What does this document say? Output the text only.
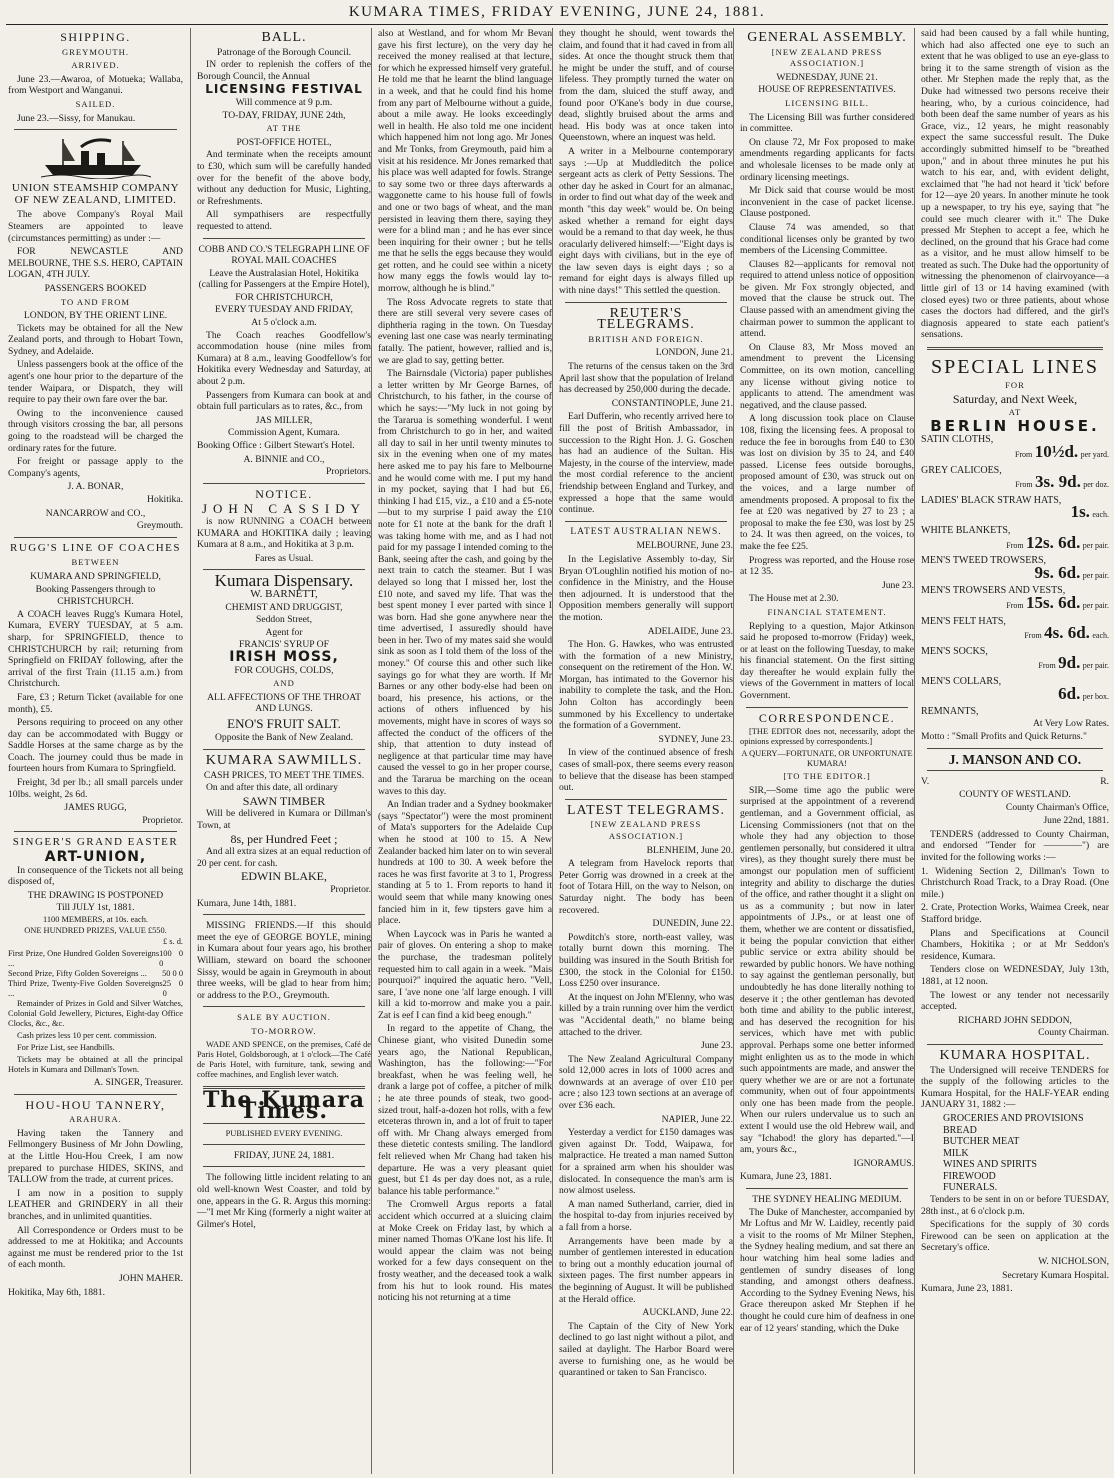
KUMARA TIMES, FRIDAY EVENING, JUNE 24, 1881.
SHIPPING.
GREYMOUTH.
ARRIVED.

June 23.—Awaroa, of Motueka; Wallaba, from Westport and Wanganui.

SAILED.

June 23.—Sissy, for Manukau.

UNION STEAMSHIP COMPANY OF NEW ZEALAND, LIMITED.

The above Company's Royal Mail Steamers are appointed to leave (circumstances permitting) as under :—

FOR NEWCASTLE AND MELBOURNE, THE S.S. HERO, CAPTAIN LOGAN, 4TH JULY.

PASSENGERS BOOKED
TO AND FROM
LONDON, BY THE ORIENT LINE.

Tickets may be obtained for all the New Zealand ports, and through to Hobart Town, Sydney, and Adelaide.

Unless passengers book at the office of the agent's one hour prior to the departure of the tender Waipara, or Dispatch, they will require to pay their own fare over the bar.

Owing to the inconvenience caused through visitors crossing the bar, all persons going to the roadstead will be charged the ordinary rates for the future.

For freight or passage apply to the Company's agents,

J. A. BONAR,
Hokitika.
NANCARROW and CO.,
Greymouth.
RUGG'S LINE OF COACHES
BETWEEN
KUMARA AND SPRINGFIELD,
Booking Passengers through to
CHRISTCHURCH.

A COACH leaves Rugg's Kumara Hotel, Kumara, EVERY TUESDAY, at 5 a.m. sharp, for SPRINGFIELD, thence to CHRISTCHURCH by rail; returning from Springfield on FRIDAY following, after the arrival of the first Train (11.15 a.m.) from Christchurch.

Fare, £3 ; Return Ticket (available for one month), £5.

Persons requiring to proceed on any other day can be accommodated with Buggy or Saddle Horses at the same charge as by the Coach. The journey could thus be made in fourteen hours from Kumara to Springfield.

Freight, 3d per lb.; all small parcels under 10lbs. weight, 2s 6d.

JAMES RUGG,
Proprietor.
SINGER'S GRAND EASTER
ART-UNION,

In consequence of the Tickets not all being disposed of,

THE DRAWING IS POSTPONED
Till JULY 1st, 1881.
1100 MEMBERS, at 10s. each.
ONE HUNDRED PRIZES, VALUE £550.
£ s. d.
First Prize, One Hundred Golden Sovereigns ...
100 0 0
Second Prize, Fifty Golden Sovereigns ... 50 0 0
Third Prize, Twenty-Five Golden Sovereigns ...
25 0 0

Remainder of Prizes in Gold and Silver Watches, Colonial Gold Jewellery, Pictures, Eight-day Office Clocks, &c., &c.

Cash prizes less 10 per cent. commission.

For Prize List, see Handbills.

Tickets may be obtained at all the principal Hotels in Kumara and Dillman's Town.

A. SINGER, Treasurer.
HOU-HOU TANNERY,
ARAHURA.

Having taken the Tannery and Fellmongery Business of Mr John Dowling, at the Little Hou-Hou Creek, I am now prepared to purchase HIDES, SKINS, and TALLOW from the trade, at current prices.

I am now in a position to supply LEATHER and GRINDERY in all their branches, and in unlimited quantities.

All Correspondence or Orders must to be addressed to me at Hokitika; and Accounts against me must be rendered prior to the 1st of each month.

JOHN MAHER.

Hokitika, May 6th, 1881.

BALL.
Patronage of the Borough Council.

IN order to replenish the coffers of the Borough Council, the Annual

LICENSING FESTIVAL
Will commence at 9 p.m.
TO-DAY, FRIDAY, JUNE 24th,
AT THE
POST-OFFICE HOTEL,

And terminate when the receipts amount to £30, which sum will be carefully handed over for the benefit of the above body, without any deduction for Music, Lighting, or Refreshments.

All sympathisers are respectfully requested to attend.

COBB AND CO.'S TELEGRAPH LINE OF ROYAL MAIL COACHES
Leave the Australasian Hotel, Hokitika (calling for Passengers at the Empire Hotel),
FOR CHRISTCHURCH,
EVERY TUESDAY AND FRIDAY,
At 5 o'clock a.m.

The Coach reaches Goodfellow's accommodation house (nine miles from Kumara) at 8 a.m., leaving Goodfellow's for Hokitika every Wednesday and Saturday, at about 2 p.m.

Passengers from Kumara can book at and obtain full particulars as to rates, &c., from

JAS MILLER,
Commission Agent, Kumara.

Booking Office : Gilbert Stewart's Hotel.

A. BINNIE and CO.,
Proprietors.
NOTICE.
JOHN CASSIDY

is now RUNNING a COACH between KUMARA and HOKITIKA daily ; leaving Kumara at 8 a.m., and Hokitika at 3 p.m.

Fares as Usual.
Kumara Dispensary.
W. BARNETT,
CHEMIST AND DRUGGIST,
Seddon Street,
Agent for
FRANCIS' SYRUP OF
IRISH MOSS,
FOR COUGHS, COLDS,
AND
ALL AFFECTIONS OF THE THROAT AND LUNGS.
ENO'S FRUIT SALT.
Opposite the Bank of New Zealand.
KUMARA SAWMILLS.
CASH PRICES, TO MEET THE TIMES.

On and after this date, all ordinary

SAWN TIMBER

Will be delivered in Kumara or Dillman's Town, at

8s, per Hundred Feet ;

And all extra sizes at an equal reduction of 20 per cent. for cash.

EDWIN BLAKE,
Proprietor.

Kumara, June 14th, 1881.

MISSING FRIENDS.—If this should meet the eye of GEORGE BOYLE, mining in Kumara about four years ago, his brother William, steward on board the schooner Sissy, would be again in Greymouth in about three weeks, will be glad to hear from him; or address to the P.O., Greymouth.

SALE BY AUCTION.
TO-MORROW.

WADE AND SPENCE, on the premises, Café de Paris Hotel, Goldsborough, at 1 o'clock—The Café de Paris Hotel, with furniture, tank, sewing and coffee machines, and English lever watch.

The Kumara Times.
PUBLISHED EVERY EVENING.
FRIDAY, JUNE 24, 1881.

The following little incident relating to an old well-known West Coaster, and told by one, appears in the G. R. Argus this morning:—"I met Mr King (formerly a night waiter at Gilmer's Hotel,

also at Westland, and for whom Mr Bevan gave his first lecture), on the very day he received the money realised at that lecture, for which he expressed himself very grateful. He told me that he learnt the blind language in a week, and that he could find his home from any part of Melbourne without a guide, about a mile away. He looks exceedingly well in health. He also told me one incident which happened him not long ago. Mr Jones and Mr Tonks, from Greymouth, paid him a visit at his residence. Mr Jones remarked that his place was well adapted for fowls. Strange to say some two or three days afterwards a waggonette came to his house full of fowls and one or two bags of wheat, and the man persisted in leaving them there, saying they were for a blind man ; and he has ever since been inquiring for their owner ; but he tells me that he sells the eggs because they would get rotten, and he could see within a nicety how many eggs the fowls would lay to-morrow, although he is blind."

The Ross Advocate regrets to state that there are still several very severe cases of diphtheria raging in the town. On Tuesday evening last one case was nearly terminating fatally. The patient, however, rallied and is, we are glad to say, getting better.

The Bairnsdale (Victoria) paper publishes a letter written by Mr George Barnes, of Christchurch, to his father, in the course of which he says:—"My luck in not going by the Tararua is something wonderful. I went from Christchurch to go in her, and waited all day to sail in her until twenty minutes to six in the evening when one of my mates here asked me to pay his fare to Melbourne and he would come with me. I put my hand in my pocket, saying that I had but £6, thinking I had £15, viz., a £10 and a £5-note—but to my surprise I paid away the £10 note for £1 note at the bank for the draft I was taking home with me, and as I had not paid for my passage I intended coming to the Bank, seeing after the cash, and going by the next train to catch the steamer. But I was delayed so long that I missed her, lost the £10 note, and saved my life. That was the best spent money I ever parted with since I was born. Had she gone anywhere near the time advertised, I assuredly should have been in her. Two of my mates said she would sink as soon as I told them of the loss of the money." Of course this and other such like sayings go for what they are worth. If Mr Barnes or any other body-else had been on board, his presence, his actions, or the actions of others influenced by his movements, might have in scores of ways so affected the conduct of the officers of the ship, that attention to duty instead of negligence at that particular time may have caused the vessel to go in her proper course, and the Tararua be marching on the ocean waves to this day.

An Indian trader and a Sydney bookmaker (says "Spectator") were the most prominent of Mata's supporters for the Adelaide Cup when he stood at 100 to 15. A New Zealander backed him later on to win several hundreds at 100 to 30. A week before the races he was first favorite at 3 to 1, Progress standing at 5 to 1. From reports to hand it would seem that while many knowing ones fancied him in it, few tipsters gave him a place.

When Laycock was in Paris he wanted a pair of gloves. On entering a shop to make the purchase, the tradesman politely requested him to call again in a week. "Mais pourquoi?" inquired the aquatic hero. "Vell, sare, I 'ave none one 'alf large enough. I vill kill a kid to-morrow and make you a pair. Zat is eef I can find a kid beeg enough."

In regard to the appetite of Chang, the Chinese giant, who visited Dunedin some years ago, the National Republican, Washington, has the following:—"For breakfast, when he was feeling well, he drank a large pot of coffee, a pitcher of milk ; he ate three pounds of steak, two good-sized trout, half-a-dozen hot rolls, with a few etceteras thrown in, and a lot of fruit to taper off with. Mr Chang always emerged from these dietetic contests smiling. The landlord felt relieved when Mr Chang had taken his departure. He was a very pleasant quiet guest, but £1 4s per day does not, as a rule, balance his table performance."

The Cromwell Argus reports a fatal accident which occurred at a sluicing claim at Moke Creek on Friday last, by which a miner named Thomas O'Kane lost his life. It would appear the claim was not being worked for a few days consequent on the frosty weather, and the deceased took a walk from his hut to look round. His mates noticing his not returning at a time

they thought he should, went towards the claim, and found that it had caved in from all sides. At once the thought struck them that he might be under the stuff, and of course lifeless. They promptly turned the water on from the dam, sluiced the stuff away, and found poor O'Kane's body in due course, dead, slightly bruised about the arms and head. His body was at once taken into Queenstown, where an inquest was held.

A writer in a Melbourne contemporary says :—Up at Muddleditch the police sergeant acts as clerk of Petty Sessions. The other day he asked in Court for an almanac, in order to find out what day of the week and month "this day week" would be. On being asked whether a remand for eight days would be a remand to that day week, he thus oracularly delivered himself:—"Eight days is eight days with civilians, but in the eye of the law seven days is eight days ; so a remand for eight days is always filled up with nine days!" This settled the question.

REUTER'S TELEGRAMS.
BRITISH AND FOREIGN.
LONDON, June 21.

The returns of the census taken on the 3rd April last show that the population of Ireland has decreased by 250,000 during the decade.

CONSTANTINOPLE, June 21.

Earl Dufferin, who recently arrived here to fill the post of British Ambassador, in succession to the Right Hon. J. G. Goschen has had an audience of the Sultan. His Majesty, in the course of the interview, made the most cordial reference to the ancient friendship between England and Turkey, and expressed a hope that the same would continue.

LATEST AUSTRALIAN NEWS.
MELBOURNE, June 23.

In the Legislative Assembly to-day, Sir Bryan O'Loughlin notified his motion of no-confidence in the Ministry, and the House then adjourned. It is understood that the Opposition members generally will support the motion.

ADELAIDE, June 23.

The Hon. G. Hawkes, who was entrusted with the formation of a new Ministry, consequent on the retirement of the Hon. W. Morgan, has intimated to the Governor his inability to complete the task, and the Hon. John Colton has accordingly been summoned by his Excellency to undertake the formation of a Government.

SYDNEY, June 23.

In view of the continued absence of fresh cases of small-pox, there seems every reason to believe that the disease has been stamped out.

LATEST TELEGRAMS.
[NEW ZEALAND PRESS ASSOCIATION.]
BLENHEIM, June 20.

A telegram from Havelock reports that Peter Gorrig was drowned in a creek at the foot of Totara Hill, on the way to Nelson, on Saturday night. The body has been recovered.

DUNEDIN, June 22.

Powditch's store, north-east valley, was totally burnt down this morning. The building was insured in the South British for £300, the stock in the Colonial for £150. Loss £250 over insurance.

At the inquest on John M'Elenny, who was killed by a train running over him the verdict was "Accidental death," no blame being attached to the driver.

June 23.

The New Zealand Agricultural Company sold 12,000 acres in lots of 1000 acres and downwards at an average of over £10 per acre ; also 123 town sections at an average of over £36 each.

NAPIER, June 22.

Yesterday a verdict for £150 damages was given against Dr. Todd, Waipawa, for malpractice. He treated a man named Sutton for a sprained arm when his shoulder was dislocated. In consequence the man's arm is now almost useless.

A man named Sutherland, carrier, died in the hospital to-day from injuries received by a fall from a horse.

Arrangements have been made by a number of gentlemen interested in education to bring out a monthly education journal of sixteen pages. The first number appears in the beginning of August. It will be published at the Herald office.

AUCKLAND, June 22.

The Captain of the City of New York declined to go last night without a pilot, and sailed at daylight. The Harbor Board were averse to furnishing one, as he would be quarantined or taken to San Francisco.

GENERAL ASSEMBLY.
[NEW ZEALAND PRESS ASSOCIATION.]
WEDNESDAY, JUNE 21.
HOUSE OF REPRESENTATIVES.
LICENSING BILL.

The Licensing Bill was further considered in committee.

On clause 72, Mr Fox proposed to make amendments regarding applicants for facts and wholesale licenses to be made only at ordinary licensing meetings.

Mr Dick said that course would be most inconvenient in the case of packet license. Clause postponed.

Clause 74 was amended, so that conditional licenses only be granted by two members of the Licensing Committee.

Clauses 82—applicants for removal not required to attend unless notice of opposition be given. Mr Fox strongly objected, and moved that the clause be struck out. The Clause passed with an amendment giving the chairman power to summon the applicant to attend.

On Clause 83, Mr Moss moved an amendment to prevent the Licensing Committee, on its own motion, cancelling any license without giving notice to applicants to attend. The amendment was negatived, and the clause passed.

A long discussion took place on Clause 108, fixing the licensing fees. A proposal to reduce the fee in boroughs from £40 to £30 was lost on division by 35 to 24, and £40 passed. License fees outside boroughs, proposed amount of £30, was struck out on the voices, and a large number of amendments proposed. A proposal to fix the fee at £20 was negatived by 27 to 23 ; a proposal to make the fee £30, was lost by 25 to 24. It was then agreed, on the voices, to make the fee £25.

Progress was reported, and the House rose at 12 35.

June 23.

The House met at 2.30.

FINANCIAL STATEMENT.

Replying to a question, Major Atkinson said he proposed to-morrow (Friday) week, or at least on the following Tuesday, to make his financial statement. On the first sitting day thereafter he would explain fully the views of the Government in matters of local Government.

CORRESPONDENCE.

[THE EDITOR does not, necessarily, adopt the opinions expressed by correspondents.]

A QUERY—FORTUNATE, OR UNFORTUNATE KUMARA!
[TO THE EDITOR.]

SIR,—Some time ago the public were surprised at the appointment of a reverend gentleman, and a Government official, as Licensing Commissioners (not that on the whole they had any objection to those gentlemen personally, but considered it ultra vires), as they thought surely there must be amongst our population men of sufficient integrity and ability to discharge the duties of the office, and rather thought it a slight on us as a community ; but now in later appointments of J.Ps., or at least one of them, whether we are content or dissatisfied, it being the popular conviction that either public service or extra ability should be rewarded by public honors. We have nothing to say against the gentleman personally, but undoubtedly he has done literally nothing to deserve it ; the other gentleman has devoted both time and ability to the public interest, and has deserved the recognition for his services, which have met with public approval. Perhaps some one better informed might enlighten us as to the mode in which such appointments are made, and answer the query whether we are or are not a fortunate community, when out of four appointments only one has been made from the people. When our rulers undervalue us to such an extent I would use the old Hebrew wail, and say "Ichabod! the glory has departed."—I am, yours &c.,

IGNORAMUS.

Kumara, June 23, 1881.

THE SYDNEY HEALING MEDIUM.

The Duke of Manchester, accompanied by Mr Loftus and Mr W. Laidley, recently paid a visit to the rooms of Mr Milner Stephen, the Sydney healing medium, and sat there an hour watching him heal some ladies and gentlemen of sundry diseases of long standing, and amongst others deafness. According to the Sydney Evening News, his Grace thereupon asked Mr Stephen if he thought he could cure him of deafness in one ear of 12 years' standing, which the Duke

said had been caused by a fall while hunting, which had also affected one eye to such an extent that he was obliged to use an eye-glass to bring it to the same strength of vision as the other. Mr Stephen made the reply that, as the Duke had witnessed two persons receive their hearing, who, by a curious coincidence, had both been deaf the same number of years as his Grace, viz., 12 years, he might reasonably expect the same successful result. The Duke accordingly submitted himself to be "breathed upon," and in about three minutes he put his watch to his ear, and, with evident delight, exclaimed that "he had not heard it 'tick' before for 12—aye 20 years. In another minute he took up a newspaper, to try his eye, saying that "he could see much clearer with it." The Duke pressed Mr Stephen to accept a fee, which he declined, on the ground that his Grace had come as a visitor, and he must allow himself to be treated as such. The Duke had the opportunity of witnessing the phenomenon of clairvoyance—a little girl of 13 or 14 having examined (with closed eyes) two or three patients, about whose cases the doctors had differed, and the girl's diagnosis appeared to state each patient's sensations.

SPECIAL LINES
FOR
Saturday, and Next Week,
AT
BERLIN HOUSE.
SATIN CLOTHS,
From 10½d. per yard.
GREY CALICOES,
From 3s. 9d. per doz.
LADIES' BLACK STRAW HATS,
1s. each.
WHITE BLANKETS,
From 12s. 6d. per pair.
MEN'S TWEED TROWSERS,
9s. 6d. per pair.
MEN'S TROWSERS AND VESTS,
From 15s. 6d. per pair.
MEN'S FELT HATS,
From 4s. 6d. each.
MEN'S SOCKS,
From 9d. per pair.
MEN'S COLLARS,
6d. per box.
REMNANTS,
At Very Low Rates.

Motto : "Small Profits and Quick Returns."

J. MANSON AND CO.
V.	R.
COUNTY OF WESTLAND.
County Chairman's Office,
June 22nd, 1881.

TENDERS (addressed to County Chairman, and endorsed "Tender for ————") are invited for the following works :—

1. Widening Section 2, Dillman's Town to Christchurch Road Track, to a Dray Road. (One mile.)

2. Crate, Protection Works, Waimea Creek, near Stafford bridge.

Plans and Specifications at Council Chambers, Hokitika ; or at Mr Seddon's residence, Kumara.

Tenders close on WEDNESDAY, July 13th, 1881, at 12 noon.

The lowest or any tender not necessarily accepted.

RICHARD JOHN SEDDON,
County Chairman.
KUMARA HOSPITAL.

The Undersigned will receive TENDERS for the supply of the following articles to the Kumara Hospital, for the HALF-YEAR ending JANUARY 31, 1882 :—

GROCERIES AND PROVISIONS
BREAD
BUTCHER MEAT
MILK
WINES AND SPIRITS
FIREWOOD
FUNERALS.

Tenders to be sent in on or before TUESDAY, 28th inst., at 6 o'clock p.m.

Specifications for the supply of 30 cords Firewood can be seen on application at the Secretary's office.

W. NICHOLSON,
Secretary Kumara Hospital.

Kumara, June 23, 1881.
